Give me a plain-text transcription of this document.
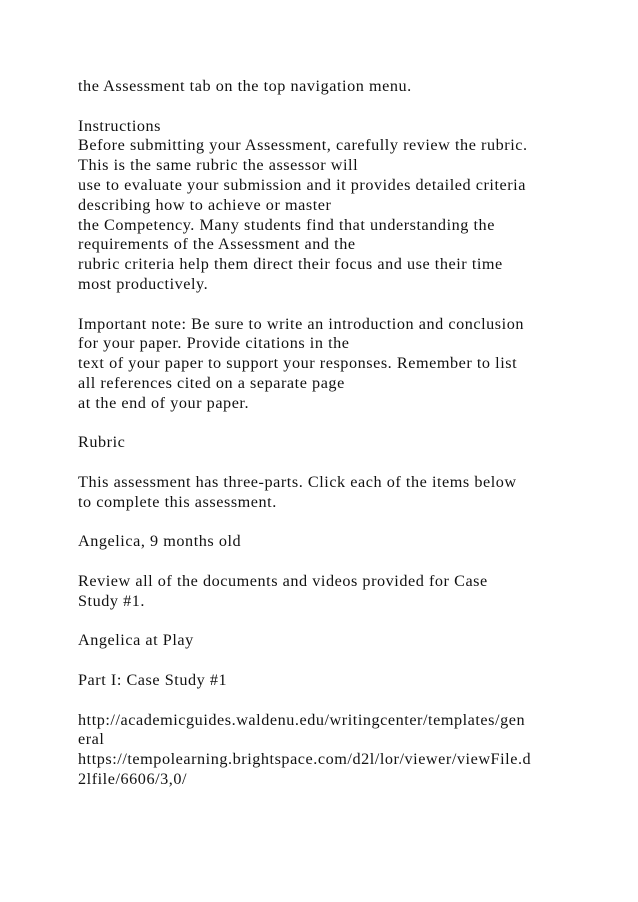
the Assessment tab on the top navigation menu.
Instructions
Before submitting your Assessment, carefully review the rubric.
This is the same rubric the assessor will
use to evaluate your submission and it provides detailed criteria
describing how to achieve or master
the Competency. Many students find that understanding the
requirements of the Assessment and the
rubric criteria help them direct their focus and use their time
most productively.
Important note: Be sure to write an introduction and conclusion
for your paper. Provide citations in the
text of your paper to support your responses. Remember to list
all references cited on a separate page
at the end of your paper.
Rubric
This assessment has three-parts. Click each of the items below
to complete this assessment.
Angelica, 9 months old
Review all of the documents and videos provided for Case
Study #1.
Angelica at Play
Part I: Case Study #1
http://academicguides.waldenu.edu/writingcenter/templates/gen
eral
https://tempolearning.brightspace.com/d2l/lor/viewer/viewFile.d
2lfile/6606/3,0/
